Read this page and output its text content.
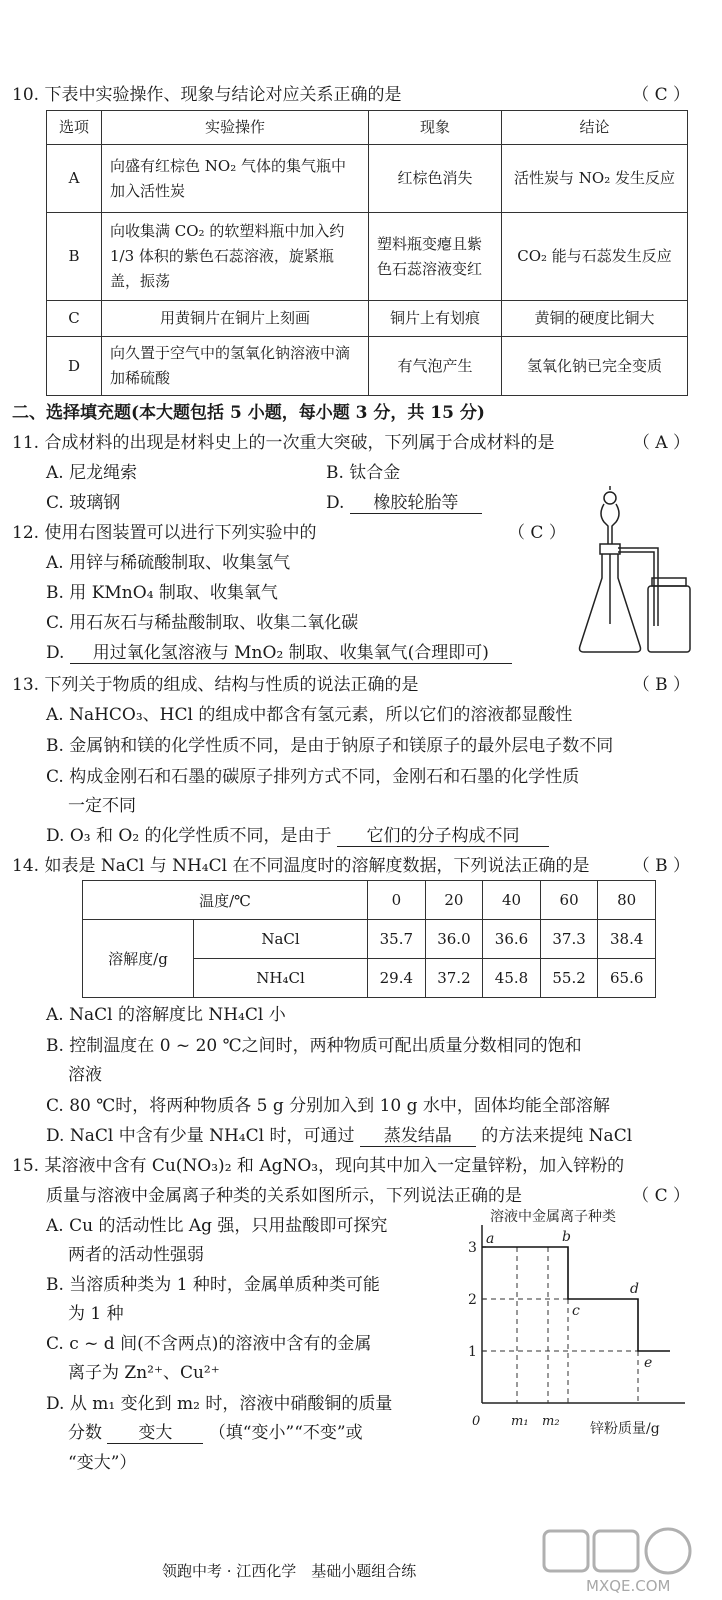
10. 下表中实验操作、现象与结论对应关系正确的是	（ C ）
选项	实验操作	现象	结论
A	向盛有红棕色 NO₂ 气体的集气瓶中加入活性炭	红棕色消失	活性炭与 NO₂ 发生反应
B	向收集满 CO₂ 的软塑料瓶中加入约 1/3 体积的紫色石蕊溶液，旋紧瓶盖，振荡	塑料瓶变瘪且紫色石蕊溶液变红	CO₂ 能与石蕊发生反应
C	用黄铜片在铜片上刻画	铜片上有划痕	黄铜的硬度比铜大
D	向久置于空气中的氢氧化钠溶液中滴加稀硫酸	有气泡产生	氢氧化钠已完全变质
二、选择填充题(本大题包括 5 小题，每小题 3 分，共 15 分)
11. 合成材料的出现是材料史上的一次重大突破，下列属于合成材料的是	（ A ）
A. 尼龙绳索	B. 钛合金
C. 玻璃钢	D. 橡胶轮胎等
12. 使用右图装置可以进行下列实验中的	（ C ）
A. 用锌与稀硫酸制取、收集氢气
B. 用 KMnO₄ 制取、收集氧气
C. 用石灰石与稀盐酸制取、收集二氧化碳
D. 用过氧化氢溶液与 MnO₂ 制取、收集氧气(合理即可)
13. 下列关于物质的组成、结构与性质的说法正确的是	（ B ）
A. NaHCO₃、HCl 的组成中都含有氢元素，所以它们的溶液都显酸性
B. 金属钠和镁的化学性质不同，是由于钠原子和镁原子的最外层电子数不同
C. 构成金刚石和石墨的碳原子排列方式不同，金刚石和石墨的化学性质
一定不同
D. O₃ 和 O₂ 的化学性质不同，是由于 它们的分子构成不同
14. 如表是 NaCl 与 NH₄Cl 在不同温度时的溶解度数据，下列说法正确的是	（ B ）
温度/℃		0	20	40	60	80
溶解度/g	NaCl	35.7	36.0	36.6	37.3	38.4
	NH₄Cl	29.4	37.2	45.8	55.2	65.6
A. NaCl 的溶解度比 NH₄Cl 小
B. 控制温度在 0 ~ 20 ℃之间时，两种物质可配出质量分数相同的饱和
溶液
C. 80 ℃时，将两种物质各 5 g 分别加入到 10 g 水中，固体均能全部溶解
D. NaCl 中含有少量 NH₄Cl 时，可通过 蒸发结晶 的方法来提纯 NaCl
15. 某溶液中含有 Cu(NO₃)₂ 和 AgNO₃，现向其中加入一定量锌粉，加入锌粉的
质量与溶液中金属离子种类的关系如图所示，下列说法正确的是	（ C ）
A. Cu 的活动性比 Ag 强，只用盐酸即可探究
两者的活动性强弱
B. 当溶质种类为 1 种时，金属单质种类可能
为 1 种
C. c ~ d 间(不含两点)的溶液中含有的金属
离子为 Zn²⁺、Cu²⁺
D. 从 m₁ 变化到 m₂ 时，溶液中硝酸铜的质量
分数 变大 （填“变小”“不变”或
“变大”）
溶液中金属离子种类
锌粉质量/g
1
2
3
0 m₁ m₂
a	b
c
d
e
领跑中考 · 江西化学　基础小题组合练
MXQE.COM
